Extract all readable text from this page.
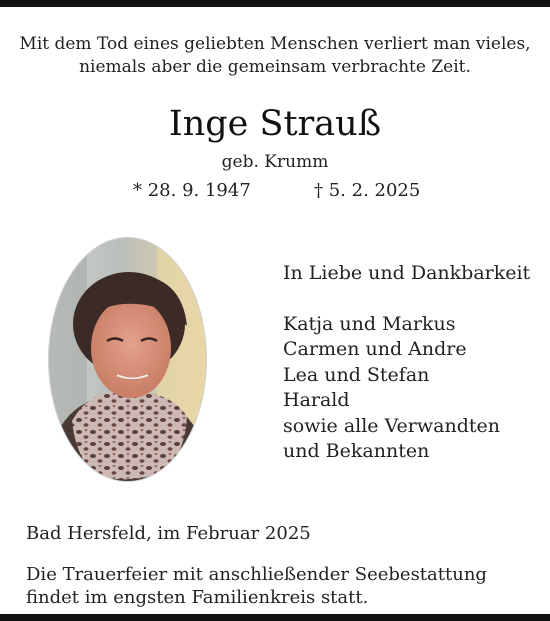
Mit dem Tod eines geliebten Menschen verliert man vieles,
niemals aber die gemeinsam verbrachte Zeit.
Inge Strauß
geb. Krumm
* 28. 9. 1947	† 5. 2. 2025
In Liebe und Dankbarkeit
Katja und Markus
Carmen und Andre
Lea und Stefan
Harald
sowie alle Verwandten
und Bekannten
Bad Hersfeld, im Februar 2025
Die Trauerfeier mit anschließender Seebestattung
findet im engsten Familienkreis statt.
